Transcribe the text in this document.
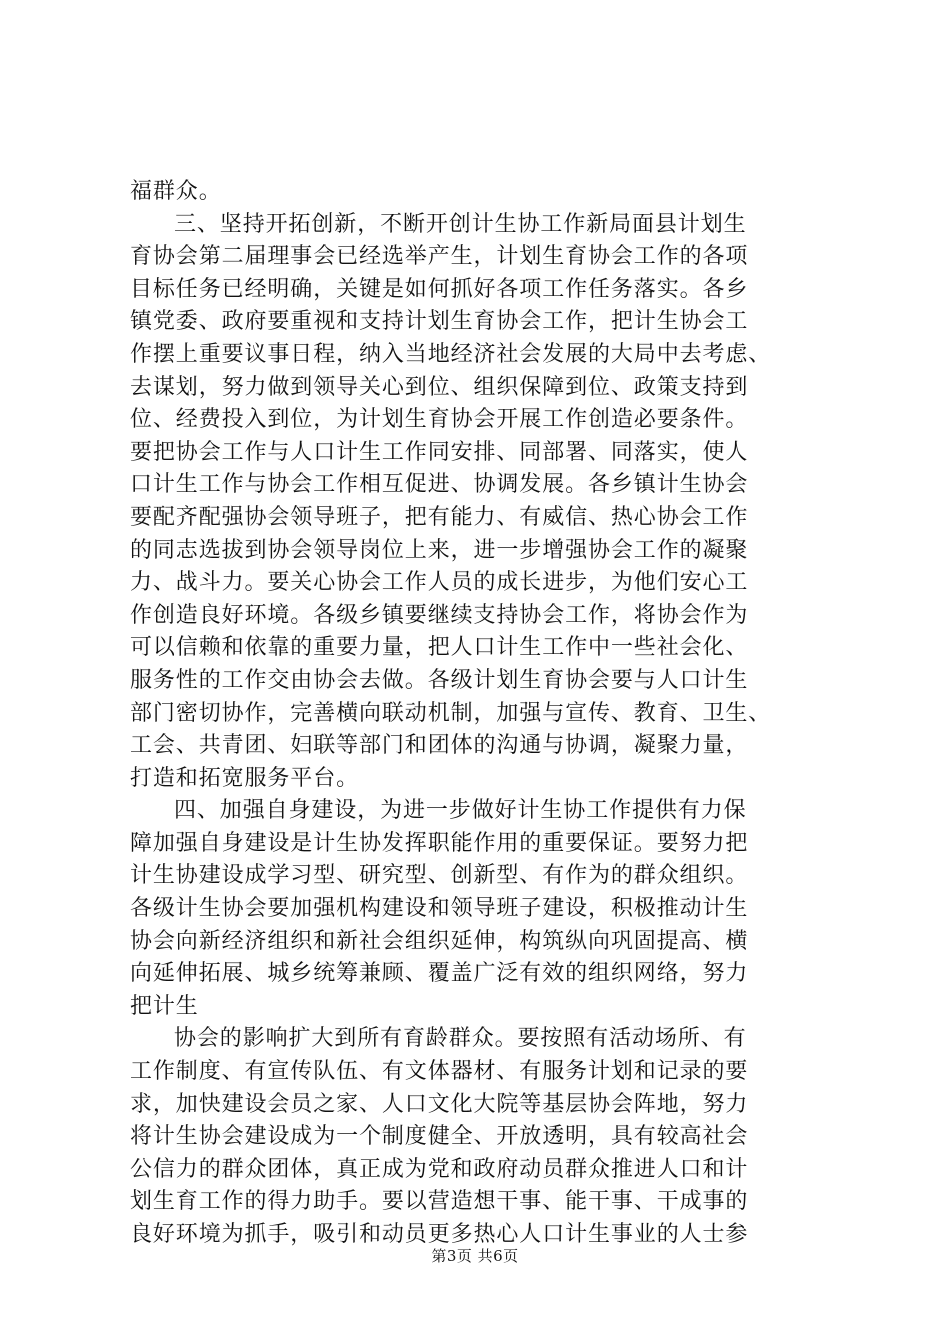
福群众。
三、坚持开拓创新，不断开创计生协工作新局面县计划生
育协会第二届理事会已经选举产生，计划生育协会工作的各项
目标任务已经明确，关键是如何抓好各项工作任务落实。各乡
镇党委、政府要重视和支持计划生育协会工作，把计生协会工
作摆上重要议事日程，纳入当地经济社会发展的大局中去考虑、
去谋划，努力做到领导关心到位、组织保障到位、政策支持到
位、经费投入到位，为计划生育协会开展工作创造必要条件。
要把协会工作与人口计生工作同安排、同部署、同落实，使人
口计生工作与协会工作相互促进、协调发展。各乡镇计生协会
要配齐配强协会领导班子，把有能力、有威信、热心协会工作
的同志选拔到协会领导岗位上来，进一步增强协会工作的凝聚
力、战斗力。要关心协会工作人员的成长进步，为他们安心工
作创造良好环境。各级乡镇要继续支持协会工作，将协会作为
可以信赖和依靠的重要力量，把人口计生工作中一些社会化、
服务性的工作交由协会去做。各级计划生育协会要与人口计生
部门密切协作，完善横向联动机制，加强与宣传、教育、卫生、
工会、共青团、妇联等部门和团体的沟通与协调，凝聚力量，
打造和拓宽服务平台。
四、加强自身建设，为进一步做好计生协工作提供有力保
障加强自身建设是计生协发挥职能作用的重要保证。要努力把
计生协建设成学习型、研究型、创新型、有作为的群众组织。
各级计生协会要加强机构建设和领导班子建设，积极推动计生
协会向新经济组织和新社会组织延伸，构筑纵向巩固提高、横
向延伸拓展、城乡统筹兼顾、覆盖广泛有效的组织网络，努力
把计生
协会的影响扩大到所有育龄群众。要按照有活动场所、有
工作制度、有宣传队伍、有文体器材、有服务计划和记录的要
求，加快建设会员之家、人口文化大院等基层协会阵地，努力
将计生协会建设成为一个制度健全、开放透明，具有较高社会
公信力的群众团体，真正成为党和政府动员群众推进人口和计
划生育工作的得力助手。要以营造想干事、能干事、干成事的
良好环境为抓手，吸引和动员更多热心人口计生事业的人士参
第3页 共6页
